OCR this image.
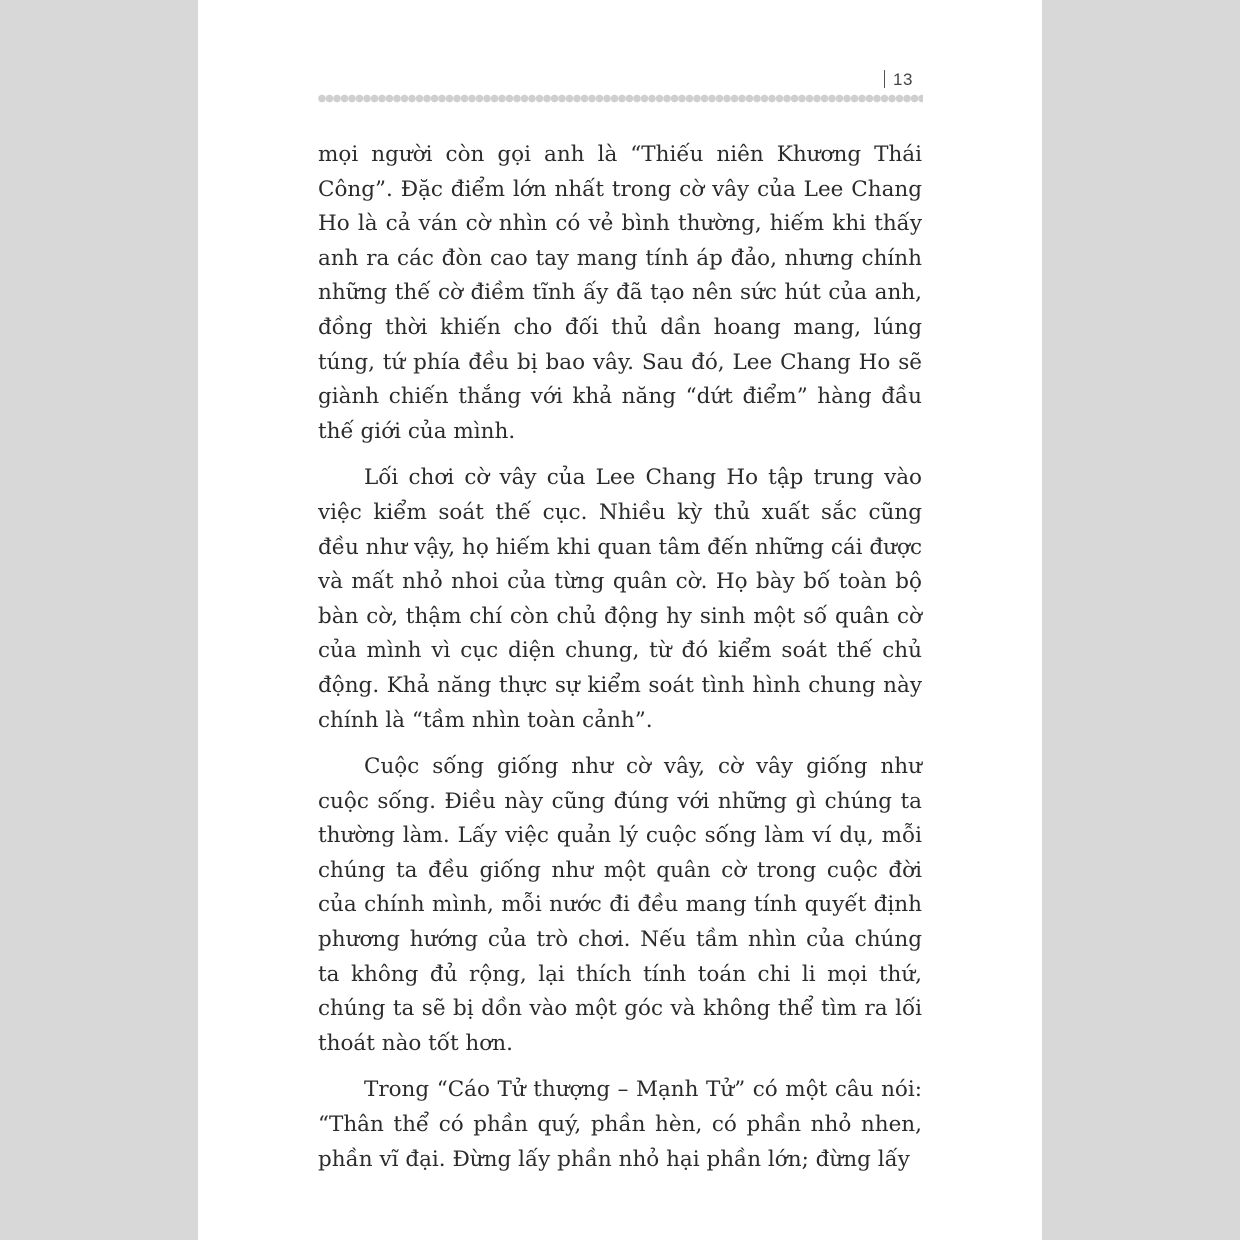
13

mọi người còn gọi anh là “Thiếu niên Khương Thái Công”. Đặc điểm lớn nhất trong cờ vây của Lee Chang Ho là cả ván cờ nhìn có vẻ bình thường, hiếm khi thấy anh ra các đòn cao tay mang tính áp đảo, nhưng chính những thế cờ điềm tĩnh ấy đã tạo nên sức hút của anh, đồng thời khiến cho đối thủ dần hoang mang, lúng túng, tứ phía đều bị bao vây. Sau đó, Lee Chang Ho sẽ giành chiến thắng với khả năng “dứt điểm” hàng đầu thế giới của mình.

Lối chơi cờ vây của Lee Chang Ho tập trung vào việc kiểm soát thế cục. Nhiều kỳ thủ xuất sắc cũng đều như vậy, họ hiếm khi quan tâm đến những cái được và mất nhỏ nhoi của từng quân cờ. Họ bày bố toàn bộ bàn cờ, thậm chí còn chủ động hy sinh một số quân cờ của mình vì cục diện chung, từ đó kiểm soát thế chủ động. Khả năng thực sự kiểm soát tình hình chung này chính là “tầm nhìn toàn cảnh”.

Cuộc sống giống như cờ vây, cờ vây giống như cuộc sống. Điều này cũng đúng với những gì chúng ta thường làm. Lấy việc quản lý cuộc sống làm ví dụ, mỗi chúng ta đều giống như một quân cờ trong cuộc đời của chính mình, mỗi nước đi đều mang tính quyết định phương hướng của trò chơi. Nếu tầm nhìn của chúng ta không đủ rộng, lại thích tính toán chi li mọi thứ, chúng ta sẽ bị dồn vào một góc và không thể tìm ra lối thoát nào tốt hơn.

Trong “Cáo Tử thượng – Mạnh Tử” có một câu nói: “Thân thể có phần quý, phần hèn, có phần nhỏ nhen, phần vĩ đại. Đừng lấy phần nhỏ hại phần lớn; đừng lấy
